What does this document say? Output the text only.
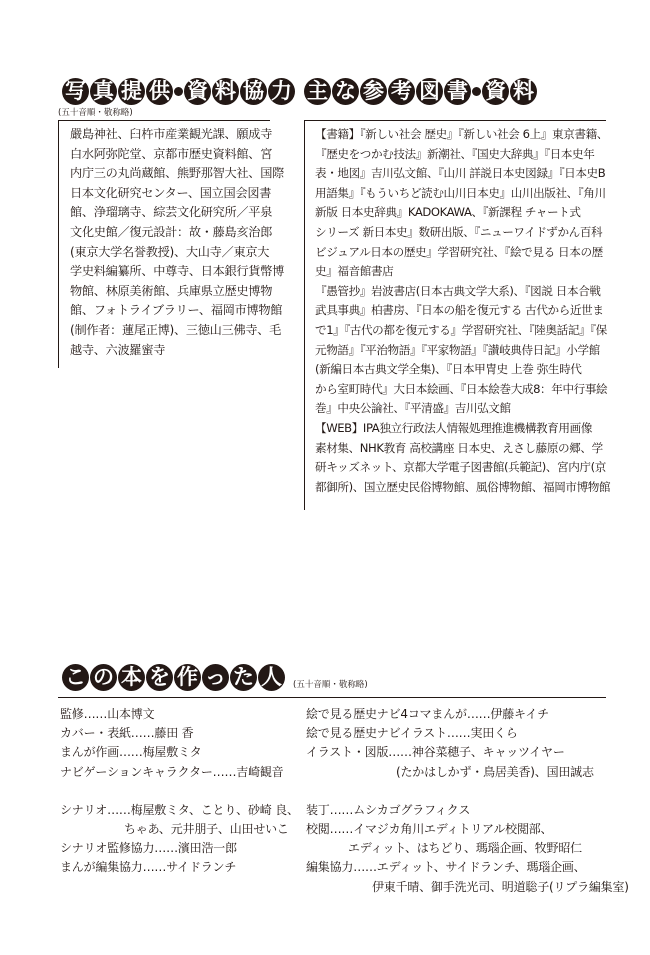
写 真 提 供 資 料 協 力
(五十音順・敬称略)

嚴島神社、臼杵市産業観光課、願成寺

白水阿弥陀堂、京都市歴史資料館、宮

内庁三の丸尚蔵館、熊野那智大社、国際

日本文化研究センター、国立国会図書

館、浄瑠璃寺、綜芸文化研究所／平泉

文化史館／復元設計：故・藤島亥治郎

(東京大学名誉教授)、大山寺／東京大

学史料編纂所、中尊寺、日本銀行貨幣博

物館、林原美術館、兵庫県立歴史博物

館、フォトライブラリー、福岡市博物館

(制作者：蓮尾正博)、三徳山三佛寺、毛

越寺、六波羅蜜寺

主 な 参 考 図 書 資 料

【書籍】『新しい社会 歴史』『新しい社会 6上』東京書籍、

『歴史をつかむ技法』新潮社、『国史大辞典』『日本史年

表・地図』吉川弘文館、『山川 詳説日本史図録』『日本史B

用語集』『もういちど読む山川日本史』山川出版社、『角川

新版 日本史辞典』KADOKAWA、『新課程 チャート式

シリーズ 新日本史』数研出版、『ニューワイドずかん百科

ビジュアル日本の歴史』学習研究社、『絵で見る 日本の歴

史』福音館書店

『愚管抄』岩波書店(日本古典文学大系)、『図説 日本合戦

武具事典』柏書房、『日本の船を復元する 古代から近世ま

で1』『古代の都を復元する』学習研究社、『陸奥話記』『保

元物語』『平治物語』『平家物語』『讃岐典侍日記』小学館

(新編日本古典文学全集)、『日本甲冑史 上巻 弥生時代

から室町時代』大日本絵画、『日本絵巻大成8：年中行事絵

巻』中央公論社、『平清盛』吉川弘文館

【WEB】IPA独立行政法人情報処理推進機構教育用画像

素材集、NHK教育 高校講座 日本史、えさし藤原の郷、学

研キッズネット、京都大学電子図書館(兵範記)、宮内庁(京

都御所)、国立歴史民俗博物館、風俗博物館、福岡市博物館

こ の 本 を 作 っ た 人	(五十音順・敬称略)

監修……山本博文

カバー・表紙……藤田 香

まんが作画……梅屋敷ミタ

ナビゲーションキャラクター……吉崎観音

シナリオ……梅屋敷ミタ、ことり、砂崎 良、

ちゃあ、元井朋子、山田せいこ

シナリオ監修協力……濱田浩一郎

まんが編集協力……サイドランチ

絵で見る歴史ナビ4コマまんが……伊藤キイチ

絵で見る歴史ナビイラスト……実田くら

イラスト・図版……神谷菜穂子、キャッツイヤー

(たかはしかず・鳥居美香)、国田誠志

装丁……ムシカゴグラフィクス

校閲……イマジカ角川エディトリアル校閲部、

エディット、はちどり、瑪瑙企画、牧野昭仁

編集協力……エディット、サイドランチ、瑪瑙企画、

伊東千晴、御手洗光司、明道聡子(リプラ編集室)
